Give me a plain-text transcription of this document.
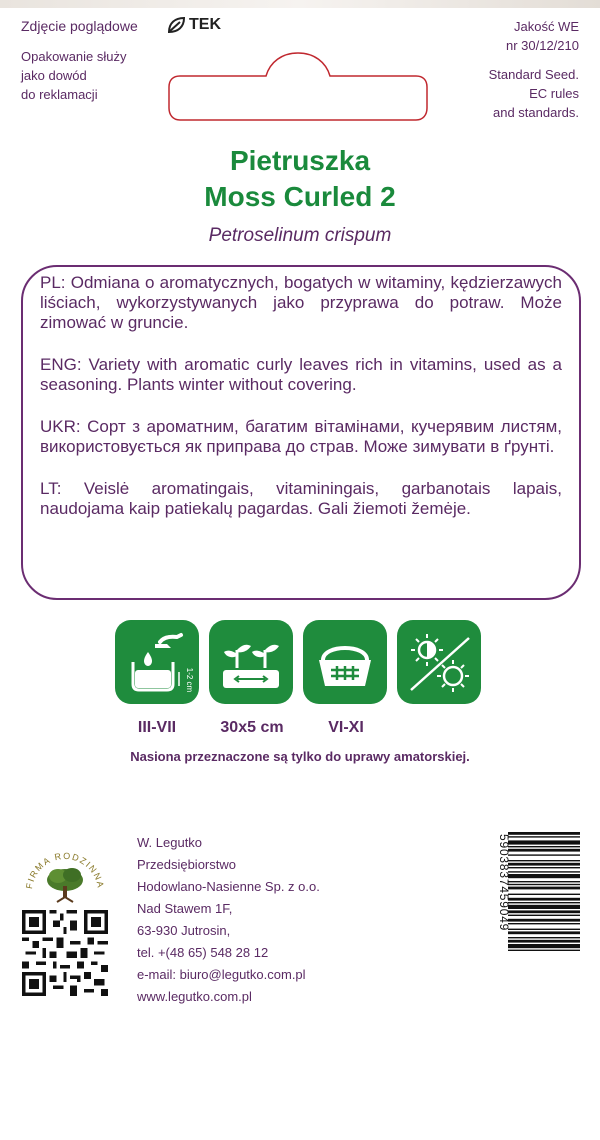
Zdjęcie poglądowe	TEK
Opakowanie służy
jako dowód
do reklamacji
Jakość WE
nr 30/12/210
Standard Seed.
EC rules
and standards.
Pietruszka
Moss Curled 2
Petroselinum crispum

PL: Odmiana o aromatycznych, bogatych w witaminy, kędzierzawych liściach, wykorzystywanych jako przyprawa do potraw. Może zimować w gruncie.

ENG: Variety with aromatic curly leaves rich in vitamins, used as a seasoning. Plants winter without covering.

UKR: Сорт з ароматним, багатим вітамінами, кучерявим листям, використовується як приправа до страв. Може зимувати в ґрунті.

LT: Veislė aromatingais, vitaminingais, garbanotais lapais, naudojama kaip patiekalų pagardas. Gali žiemoti žemėje.

1-2 cm
III-VII	30x5 cm	VI-XI
Nasiona przeznaczone są tylko do uprawy amatorskiej.
FIRMA RODZINNA
W. Legutko
Przedsiębiorstwo
Hodowlano-Nasienne Sp. z o.o.
Nad Stawem 1F,
63-930 Jutrosin,
tel. +(48 65) 548 28 12
e-mail: biuro@legutko.com.pl
www.legutko.com.pl
5903837459049
